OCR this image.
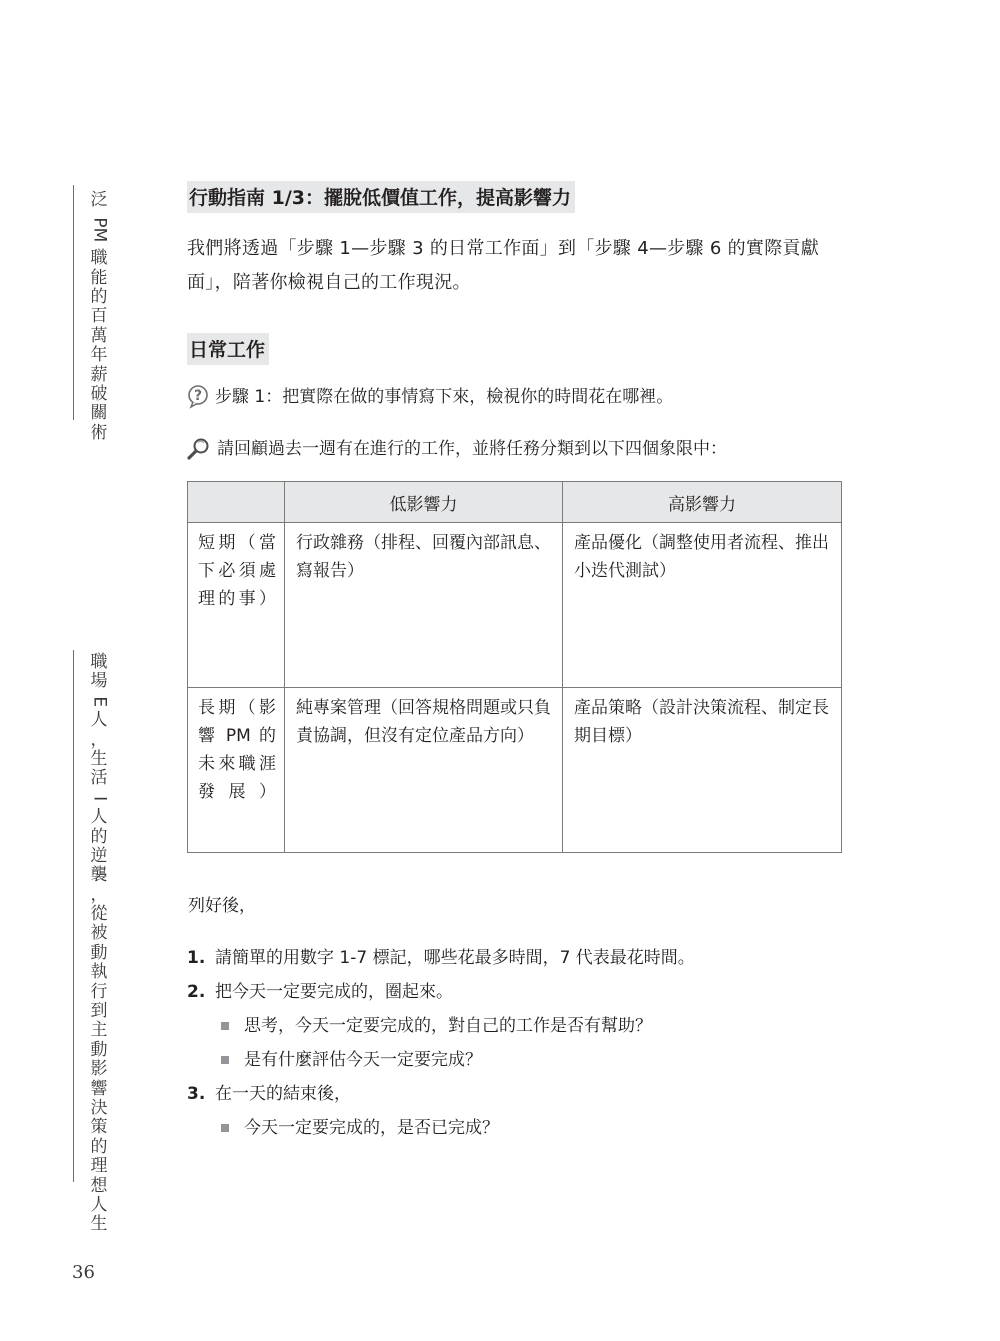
泛
PM
職
能
的
百
萬
年
薪
破
關
術
職
場
E
人
，
生
活
I
人
的
逆
襲
，
從
被
動
執
行
到
主
動
影
響
決
策
的
理
想
人
生
36
行動指南 1/3：擺脫低價值工作，提高影響力
我們將透過「步驟 1—步驟 3 的日常工作面」到「步驟 4—步驟 6 的實際貢獻面」，陪著你檢視自己的工作現況。
日常工作
? 步驟 1：把實際在做的事情寫下來，檢視你的時間花在哪裡。
請回顧過去一週有在進行的工作，並將任務分類到以下四個象限中：
	低影響力	高影響力

短期（當下必須處理的事）	行政雜務（排程、回覆內部訊息、寫報告）	產品優化（調整使用者流程、推出小迭代測試）

長期（影響 PM 的未來職涯發展）	純專案管理（回答規格問題或只負責協調，但沒有定位產品方向）	產品策略（設計決策流程、制定長期目標）
列好後，
1. 請簡單的用數字 1-7 標記，哪些花最多時間，7 代表最花時間。
2. 把今天一定要完成的，圈起來。
思考，今天一定要完成的，對自己的工作是否有幫助？
是有什麼評估今天一定要完成？
3. 在一天的結束後，
今天一定要完成的，是否已完成？
